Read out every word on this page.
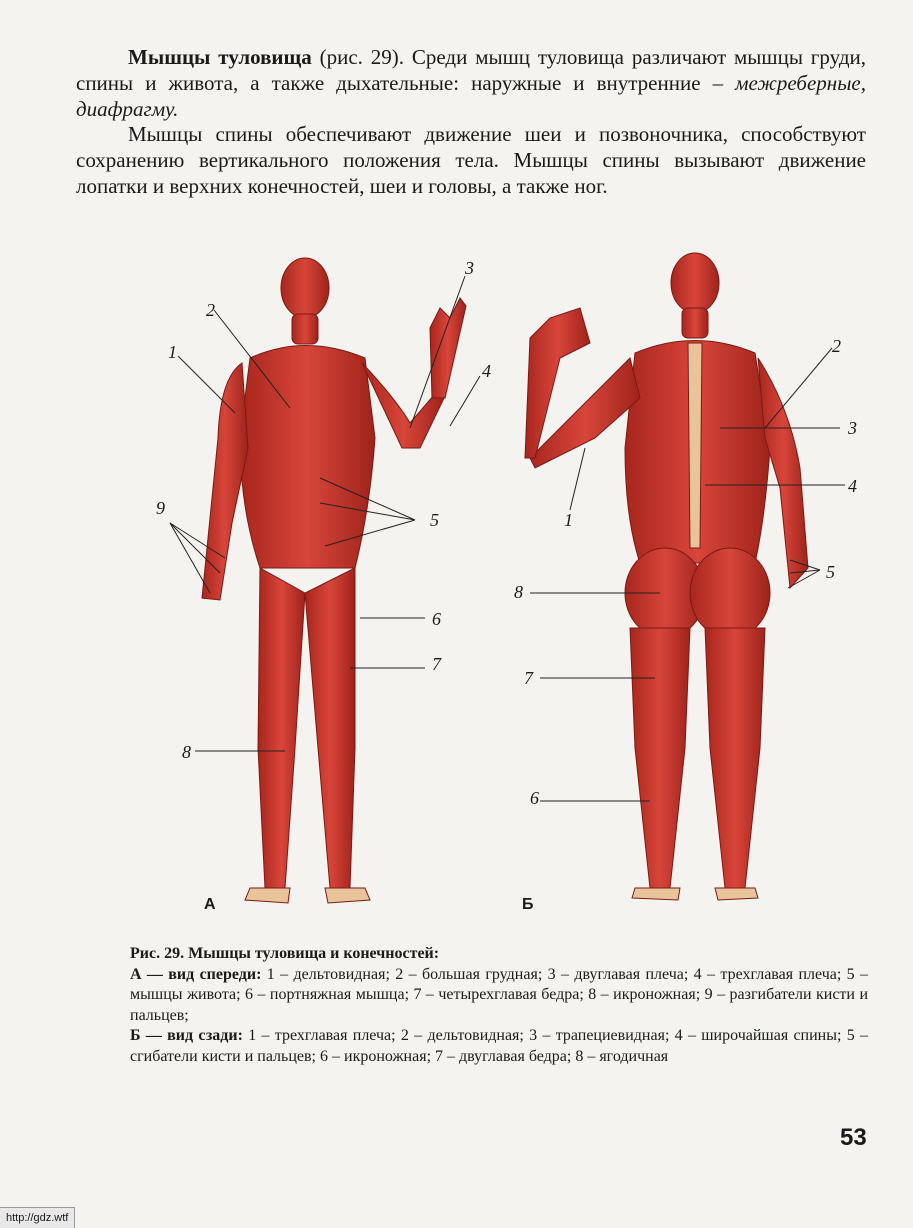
Мышцы туловища (рис. 29). Среди мышц туловища различают мышцы груди, спины и живота, а также дыхательные: наружные и внутренние – межреберные, диафрагму.

Мышцы спины обеспечивают движение шеи и позвоночника, способствуют сохранению вертикального положения тела. Мышцы спины вызывают движение лопатки и верхних конечностей, шеи и головы, а также ног.

1
2
3
4
5
6
7
8
9
1
2
3
4
5
6
7
8
А	Б

Рис. 29. Мышцы туловища и конечностей:

А — вид спереди: 1 – дельтовидная; 2 – большая грудная; 3 – двуглавая плеча; 4 – трехглавая плеча; 5 – мышцы живота; 6 – портняжная мышца; 7 – четырехглавая бедра; 8 – икроножная; 9 – разгибатели кисти и пальцев;

Б — вид сзади: 1 – трехглавая плеча; 2 – дельтовидная; 3 – трапециевидная; 4 – широчайшая спины; 5 – сгибатели кисти и пальцев; 6 – икроножная; 7 – двуглавая бедра; 8 – ягодичная

53
http://gdz.wtf
